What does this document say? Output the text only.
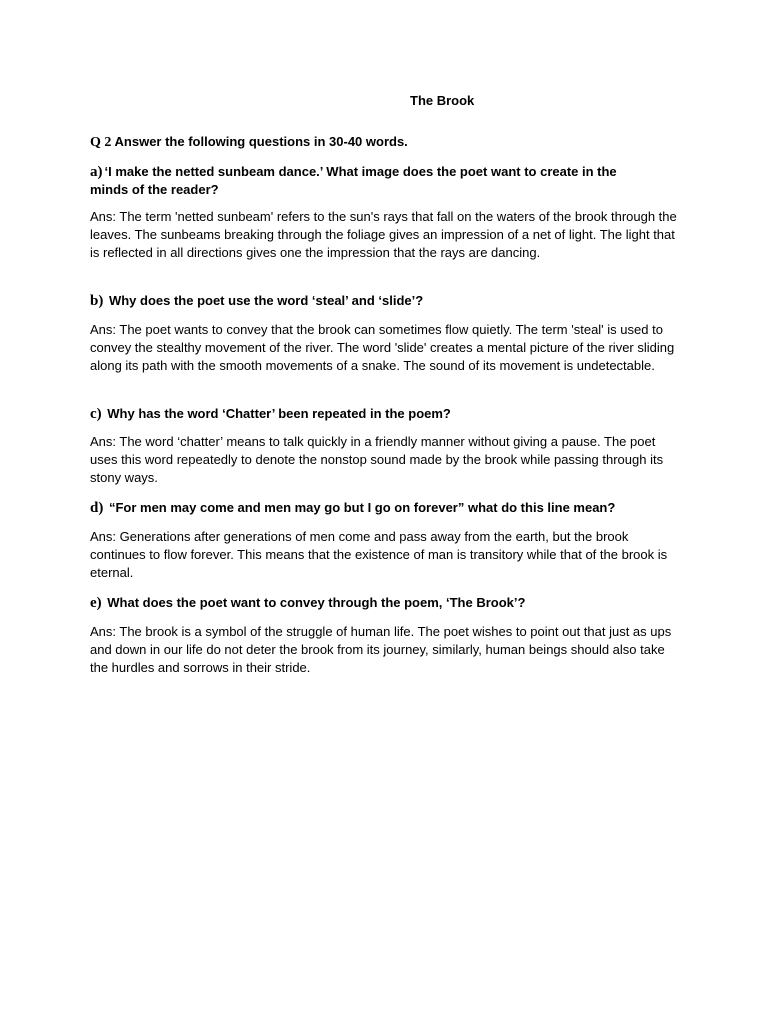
The Brook
Q 2 Answer the following questions in 30-40 words.
a) ‘I make the netted sunbeam dance.’ What image does the poet want to create in the minds of the reader?
Ans: The term 'netted sunbeam' refers to the sun's rays that fall on the waters of the brook through the leaves. The sunbeams breaking through the foliage gives an impression of a net of light. The light that is reflected in all directions gives one the impression that the rays are dancing.
b) Why does the poet use the word ‘steal’ and ‘slide’?
Ans: The poet wants to convey that the brook can sometimes flow quietly. The term 'steal' is used to convey the stealthy movement of the river. The word 'slide' creates a mental picture of the river sliding along its path with the smooth movements of a snake. The sound of its movement is undetectable.
c) Why has the word ‘Chatter’ been repeated in the poem?
Ans: The word ‘chatter’ means to talk quickly in a friendly manner without giving a pause. The poet uses this word repeatedly to denote the nonstop sound made by the brook while passing through its stony ways.
d) “For men may come and men may go but I go on forever” what do this line mean?
Ans: Generations after generations of men come and pass away from the earth, but the brook continues to flow forever. This means that the existence of man is transitory while that of the brook is eternal.
e) What does the poet want to convey through the poem, ‘The Brook’?
Ans: The brook is a symbol of the struggle of human life. The poet wishes to point out that just as ups and down in our life do not deter the brook from its journey, similarly, human beings should also take the hurdles and sorrows in their stride.
